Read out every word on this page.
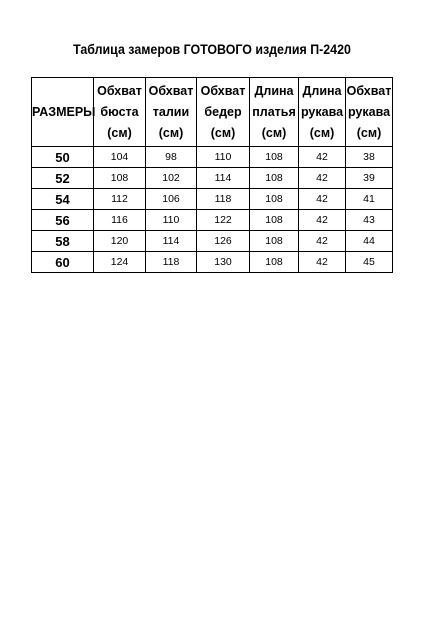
Таблица замеров ГОТОВОГО изделия П-2420
РАЗМЕРЫ	Обхват
бюста
(см)	Обхват
талии
(см)	Обхват
бедер
(см)	Длина
платья
(см)	Длина
рукава
(см)	Обхват
рукава
(см)

50	104	98	110	108	42	38
52	108	102	114	108	42	39
54	112	106	118	108	42	41
56	116	110	122	108	42	43
58	120	114	126	108	42	44
60	124	118	130	108	42	45
